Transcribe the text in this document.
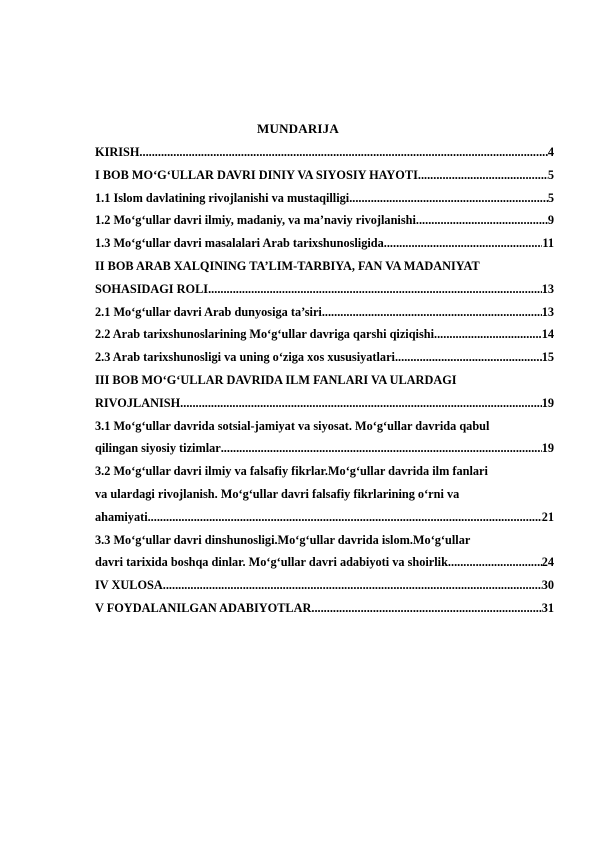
MUNDARIJA
KIRISH .....	4
I BOB MO‘G‘ULLAR DAVRI DINIY VA SIYOSIY HAYOTI .....	5
1.1 Islom davlatining rivojlanishi va mustaqilligi .....	5
1.2 Mo‘g‘ullar davri ilmiy, madaniy, va ma’naviy rivojlanishi .....	9
1.3 Mo‘g‘ullar davri masalalari Arab tarixshunosligida .....	11
II BOB ARAB XALQINING TA’LIM-TARBIYA, FAN VA MADANIYAT
SOHASIDAGI ROLI .....	13
2.1 Mo‘g‘ullar davri Arab dunyosiga ta’siri .....	13
2.2 Arab tarixshunoslarining Mo‘g‘ullar davriga qarshi qiziqishi .....	14
2.3 Arab tarixshunosligi va uning o‘ziga xos xususiyatlari .....	15
III BOB MO‘G‘ULLAR DAVRIDA ILM FANLARI VA ULARDAGI
RIVOJLANISH .....	19
3.1 Mo‘g‘ullar davrida sotsial-jamiyat va siyosat. Mo‘g‘ullar davrida qabul
qilingan siyosiy tizimlar .....	19
3.2 Mo‘g‘ullar davri ilmiy va falsafiy fikrlar.Mo‘g‘ullar davrida ilm fanlari
va ulardagi rivojlanish. Mo‘g‘ullar davri falsafiy fikrlarining o‘rni va
ahamiyati .....	21
3.3 Mo‘g‘ullar davri dinshunosligi.Mo‘g‘ullar davrida islom.Mo‘g‘ullar
davri tarixida boshqa dinlar. Mo‘g‘ullar davri adabiyoti va shoirlik .....	24
IV XULOSA .....	30
V FOYDALANILGAN ADABIYOTLAR .....	31
